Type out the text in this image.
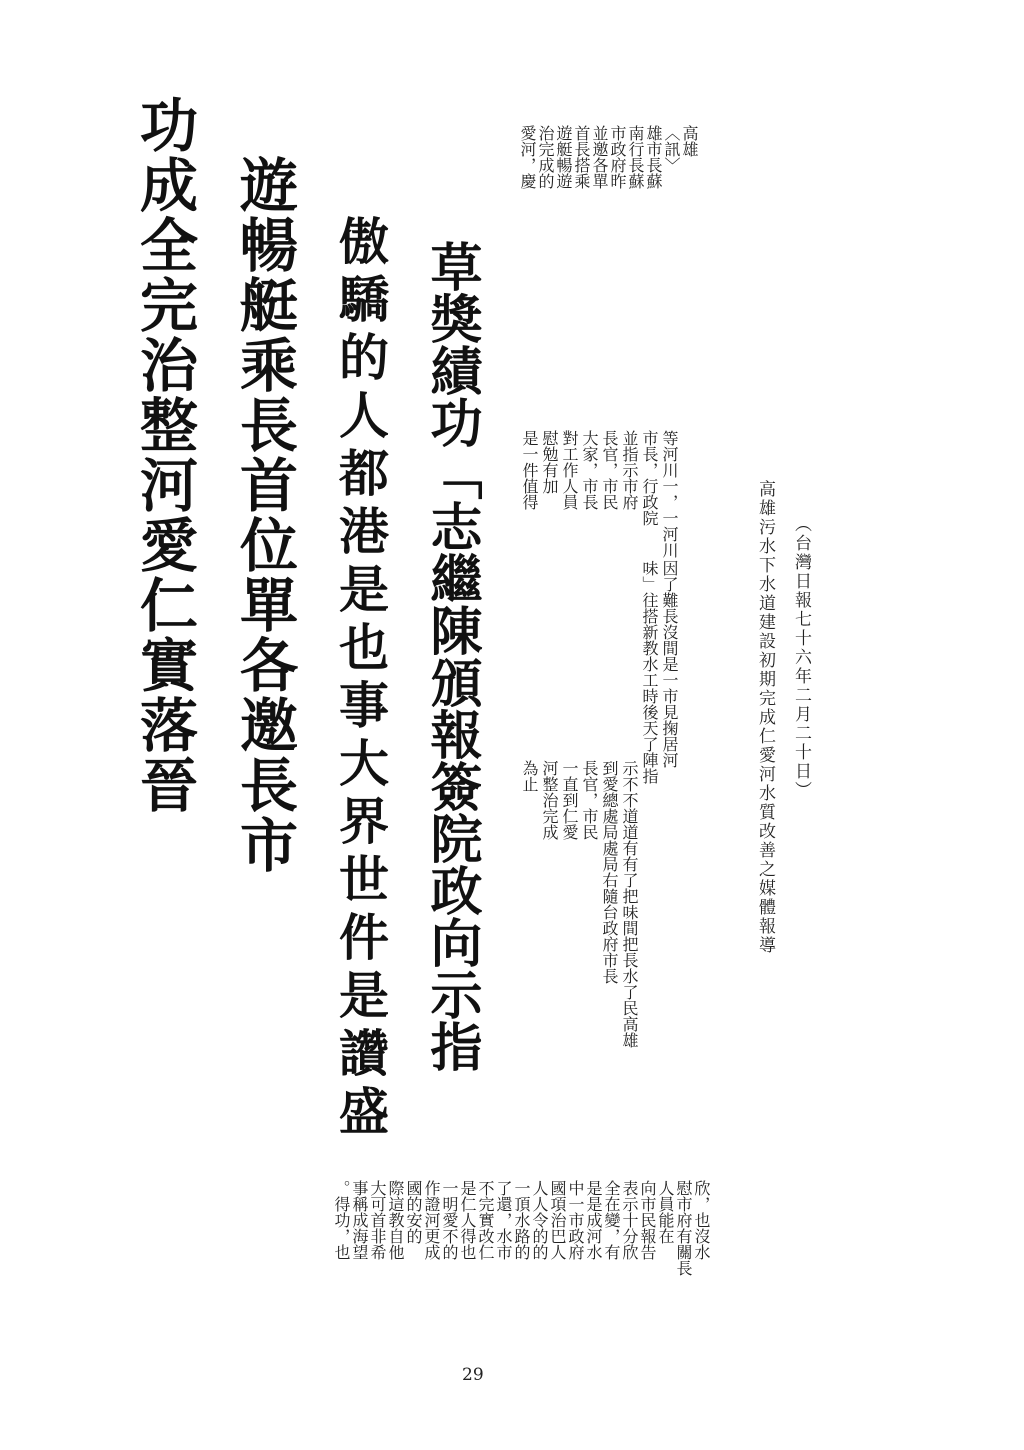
功成全完治整河愛仁實落晉 遊暢艇乘長首位單各邀長市 傲驕的人都港是也事大界世件是讚盛 草獎績功「志繼陳頒報簽院政向示指
高雄
〈訊〉
雄市長蘇
南行長蘇
市政府昨
並邀各單
首長搭乘
遊艇暢遊
治完成的
愛河，慶
等河川一，一河川
市長，行政院
並指示市府
長官，市民
大家，市長
對工作人員
慰勉有加
是一件值得
因了難長沒間是一市見掬居河
味」往搭新教水工時後天了陣指
示不不道道有有了把味間把長水了民高雄
到愛總處局處局右隨台政府市長
長官，市民
一直到仁愛
河整治完成
為止
欣，也沒水
慰市府有關長
人員能在
向市民報告
表示十分欣
全在變，有
是是成河水
中一市政府
國項治巴人
人人令的的
一頂水路的
了還，水市
不完實改仁
是仁人得也
一明愛不的
作證河更成
國的安的
際這教自他
大可首非希
事稱成海望
。得功，也
高雄污水下水道建設初期完成仁愛河水質改善之媒體報導 （台灣日報七十六年二月二十日）
29
